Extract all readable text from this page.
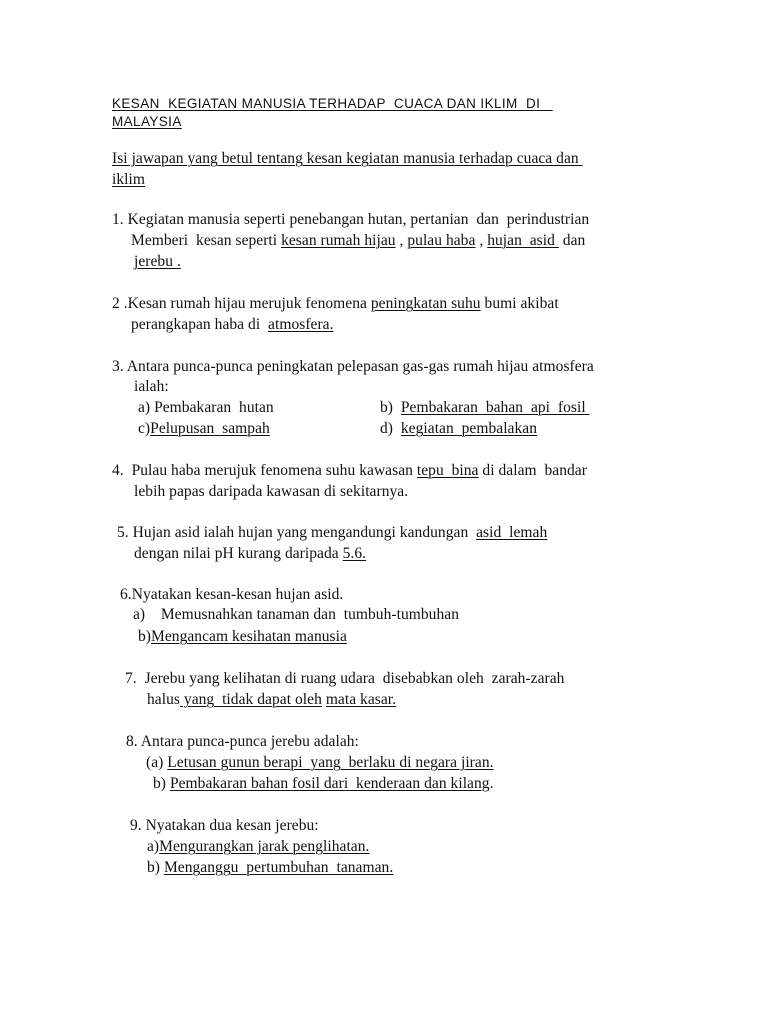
KESAN  KEGIATAN MANUSIA TERHADAP  CUACA DAN IKLIM  DI
MALAYSIA
Isi jawapan yang betul tentang kesan kegiatan manusia terhadap cuaca dan
iklim
1. Kegiatan manusia seperti penebangan hutan, pertanian  dan  perindustrian
Memberi  kesan seperti kesan rumah hijau , pulau haba , hujan  asid  dan
jerebu .
2 .Kesan rumah hijau merujuk fenomena peningkatan suhu bumi akibat
perangkapan haba di  atmosfera.
3. Antara punca-punca peningkatan pelepasan gas-gas rumah hijau atmosfera
ialah:
a) Pembakaran  hutan	b)  Pembakaran  bahan  api  fosil
c)Pelupusan  sampah	d)  kegiatan  pembalakan
4.  Pulau haba merujuk fenomena suhu kawasan tepu  bina di dalam  bandar
lebih papas daripada kawasan di sekitarnya.
5. Hujan asid ialah hujan yang mengandungi kandungan  asid  lemah
dengan nilai pH kurang daripada 5.6.
6.Nyatakan kesan-kesan hujan asid.
a)    Memusnahkan tanaman dan  tumbuh-tumbuhan
b)Mengancam kesihatan manusia
7.  Jerebu yang kelihatan di ruang udara  disebabkan oleh  zarah-zarah
halus yang  tidak dapat oleh mata kasar.
8. Antara punca-punca jerebu adalah:
(a) Letusan gunun berapi  yang  berlaku di negara jiran.
b) Pembakaran bahan fosil dari  kenderaan dan kilang.
9. Nyatakan dua kesan jerebu:
a)Mengurangkan jarak penglihatan.
b) Menganggu  pertumbuhan  tanaman.
